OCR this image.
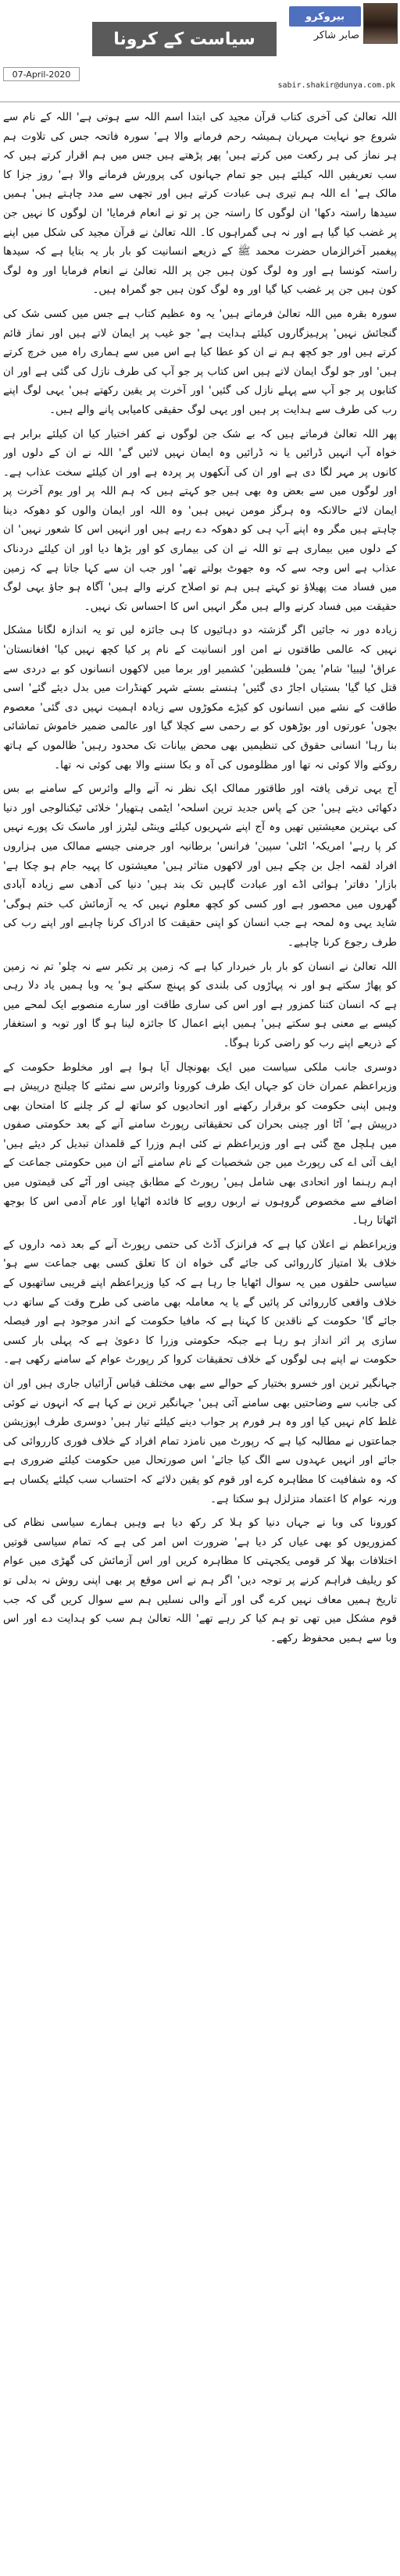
بیروکرو
صابر شاکر
سیاست کے کرونا
07-April-2020
sabir.shakir@dunya.com.pk

اللہ تعالیٰ کی آخری کتاب قرآن مجید کی ابتدا اسم اللہ سے ہوتی ہے' اللہ کے نام سے شروع جو نہایت مہربان ہمیشہ رحم فرمانے والا ہے' سورہ فاتحہ جس کی تلاوت ہم ہر نماز کی ہر رکعت میں کرتے ہیں' پھر پڑھتے ہیں جس میں ہم اقرار کرتے ہیں کہ سب تعریفیں اللہ کیلئے ہیں جو تمام جہانوں کی پرورش فرمانے والا ہے' روز جزا کا مالک ہے' اے اللہ ہم تیری ہی عبادت کرتے ہیں اور تجھی سے مدد چاہتے ہیں' ہمیں سیدھا راستہ دکھا' ان لوگوں کا راستہ جن پر تو نے انعام فرمایا' ان لوگوں کا نہیں جن پر غضب کیا گیا ہے اور نہ ہی گمراہوں کا۔ اللہ تعالیٰ نے قرآن مجید کی شکل میں اپنے پیغمبر آخرالزماں حضرت محمد ﷺ کے ذریعے انسانیت کو بار بار یہ بتایا ہے کہ سیدھا راستہ کونسا ہے اور وہ لوگ کون ہیں جن پر اللہ تعالیٰ نے انعام فرمایا اور وہ لوگ کون ہیں جن پر غضب کیا گیا اور وہ لوگ کون ہیں جو گمراہ ہیں۔

سورہ بقرہ میں اللہ تعالیٰ فرماتے ہیں' یہ وہ عظیم کتاب ہے جس میں کسی شک کی گنجائش نہیں' پرہیزگاروں کیلئے ہدایت ہے' جو غیب پر ایمان لاتے ہیں اور نماز قائم کرتے ہیں اور جو کچھ ہم نے ان کو عطا کیا ہے اس میں سے ہماری راہ میں خرچ کرتے ہیں' اور جو لوگ ایمان لاتے ہیں اس کتاب پر جو آپ کی طرف نازل کی گئی ہے اور ان کتابوں پر جو آپ سے پہلے نازل کی گئیں' اور آخرت پر یقین رکھتے ہیں' یہی لوگ اپنے رب کی طرف سے ہدایت پر ہیں اور یہی لوگ حقیقی کامیابی پانے والے ہیں۔

پھر اللہ تعالیٰ فرماتے ہیں کہ بے شک جن لوگوں نے کفر اختیار کیا ان کیلئے برابر ہے خواہ آپ انہیں ڈرائیں یا نہ ڈرائیں وہ ایمان نہیں لائیں گے' اللہ نے ان کے دلوں اور کانوں پر مہر لگا دی ہے اور ان کی آنکھوں پر پردہ ہے اور ان کیلئے سخت عذاب ہے۔ اور لوگوں میں سے بعض وہ بھی ہیں جو کہتے ہیں کہ ہم اللہ پر اور یوم آخرت پر ایمان لائے حالانکہ وہ ہرگز مومن نہیں ہیں' وہ اللہ اور ایمان والوں کو دھوکہ دینا چاہتے ہیں مگر وہ اپنے آپ ہی کو دھوکہ دے رہے ہیں اور انہیں اس کا شعور نہیں' ان کے دلوں میں بیماری ہے تو اللہ نے ان کی بیماری کو اور بڑھا دیا اور ان کیلئے دردناک عذاب ہے اس وجہ سے کہ وہ جھوٹ بولتے تھے' اور جب ان سے کہا جاتا ہے کہ زمین میں فساد مت پھیلاؤ تو کہتے ہیں ہم تو اصلاح کرنے والے ہیں' آگاہ ہو جاؤ یہی لوگ حقیقت میں فساد کرنے والے ہیں مگر انہیں اس کا احساس تک نہیں۔

زیادہ دور نہ جائیں اگر گزشتہ دو دہائیوں کا ہی جائزہ لیں تو یہ اندازہ لگانا مشکل نہیں کہ عالمی طاقتوں نے امن اور انسانیت کے نام پر کیا کچھ نہیں کیا' افغانستان' عراق' لیبیا' شام' یمن' فلسطین' کشمیر اور برما میں لاکھوں انسانوں کو بے دردی سے قتل کیا گیا' بستیاں اجاڑ دی گئیں' ہنستے بستے شہر کھنڈرات میں بدل دیئے گئے' اسی طاقت کے نشے میں انسانوں کو کیڑے مکوڑوں سے زیادہ اہمیت نہیں دی گئی' معصوم بچوں' عورتوں اور بوڑھوں کو بے رحمی سے کچلا گیا اور عالمی ضمیر خاموش تماشائی بنا رہا' انسانی حقوق کی تنظیمیں بھی محض بیانات تک محدود رہیں' ظالموں کے ہاتھ روکنے والا کوئی نہ تھا اور مظلوموں کی آہ و بکا سننے والا بھی کوئی نہ تھا۔

آج یہی ترقی یافتہ اور طاقتور ممالک ایک نظر نہ آنے والے وائرس کے سامنے بے بس دکھائی دیتے ہیں' جن کے پاس جدید ترین اسلحہ' ایٹمی ہتھیار' خلائی ٹیکنالوجی اور دنیا کی بہترین معیشتیں تھیں وہ آج اپنے شہریوں کیلئے وینٹی لیٹرز اور ماسک تک پورے نہیں کر پا رہے' امریکہ' اٹلی' سپین' فرانس' برطانیہ اور جرمنی جیسے ممالک میں ہزاروں افراد لقمہ اجل بن چکے ہیں اور لاکھوں متاثر ہیں' معیشتوں کا پہیہ جام ہو چکا ہے' بازار' دفاتر' ہوائی اڈے اور عبادت گاہیں تک بند ہیں' دنیا کی آدھی سے زیادہ آبادی گھروں میں محصور ہے اور کسی کو کچھ معلوم نہیں کہ یہ آزمائش کب ختم ہوگی' شاید یہی وہ لمحہ ہے جب انسان کو اپنی حقیقت کا ادراک کرنا چاہیے اور اپنے رب کی طرف رجوع کرنا چاہیے۔

اللہ تعالیٰ نے انسان کو بار بار خبردار کیا ہے کہ زمین پر تکبر سے نہ چلو' تم نہ زمین کو پھاڑ سکتے ہو اور نہ پہاڑوں کی بلندی کو پہنچ سکتے ہو' یہ وبا ہمیں یاد دلا رہی ہے کہ انسان کتنا کمزور ہے اور اس کی ساری طاقت اور سارے منصوبے ایک لمحے میں کیسے بے معنی ہو سکتے ہیں' ہمیں اپنے اعمال کا جائزہ لینا ہو گا اور توبہ و استغفار کے ذریعے اپنے رب کو راضی کرنا ہوگا۔

دوسری جانب ملکی سیاست میں ایک بھونچال آیا ہوا ہے اور مخلوط حکومت کے وزیراعظم عمران خان کو جہاں ایک طرف کورونا وائرس سے نمٹنے کا چیلنج درپیش ہے وہیں اپنی حکومت کو برقرار رکھنے اور اتحادیوں کو ساتھ لے کر چلنے کا امتحان بھی درپیش ہے' آٹا اور چینی بحران کی تحقیقاتی رپورٹ سامنے آنے کے بعد حکومتی صفوں میں ہلچل مچ گئی ہے اور وزیراعظم نے کئی اہم وزرا کے قلمدان تبدیل کر دیئے ہیں' ایف آئی اے کی رپورٹ میں جن شخصیات کے نام سامنے آئے ان میں حکومتی جماعت کے اہم رہنما اور اتحادی بھی شامل ہیں' رپورٹ کے مطابق چینی اور آٹے کی قیمتوں میں اضافے سے مخصوص گروہوں نے اربوں روپے کا فائدہ اٹھایا اور عام آدمی اس کا بوجھ اٹھاتا رہا۔

وزیراعظم نے اعلان کیا ہے کہ فرانزک آڈٹ کی حتمی رپورٹ آنے کے بعد ذمہ داروں کے خلاف بلا امتیاز کارروائی کی جائے گی خواہ ان کا تعلق کسی بھی جماعت سے ہو' سیاسی حلقوں میں یہ سوال اٹھایا جا رہا ہے کہ کیا وزیراعظم اپنے قریبی ساتھیوں کے خلاف واقعی کارروائی کر پائیں گے یا یہ معاملہ بھی ماضی کی طرح وقت کے ساتھ دب جائے گا' حکومت کے ناقدین کا کہنا ہے کہ مافیا حکومت کے اندر موجود ہے اور فیصلہ سازی پر اثر انداز ہو رہا ہے جبکہ حکومتی وزرا کا دعویٰ ہے کہ پہلی بار کسی حکومت نے اپنے ہی لوگوں کے خلاف تحقیقات کروا کر رپورٹ عوام کے سامنے رکھی ہے۔

جہانگیر ترین اور خسرو بختیار کے حوالے سے بھی مختلف قیاس آرائیاں جاری ہیں اور ان کی جانب سے وضاحتیں بھی سامنے آئی ہیں' جہانگیر ترین نے کہا ہے کہ انہوں نے کوئی غلط کام نہیں کیا اور وہ ہر فورم پر جواب دینے کیلئے تیار ہیں' دوسری طرف اپوزیشن جماعتوں نے مطالبہ کیا ہے کہ رپورٹ میں نامزد تمام افراد کے خلاف فوری کارروائی کی جائے اور انہیں عہدوں سے الگ کیا جائے' اس صورتحال میں حکومت کیلئے ضروری ہے کہ وہ شفافیت کا مظاہرہ کرے اور قوم کو یقین دلائے کہ احتساب سب کیلئے یکساں ہے ورنہ عوام کا اعتماد متزلزل ہو سکتا ہے۔

کورونا کی وبا نے جہاں دنیا کو ہلا کر رکھ دیا ہے وہیں ہمارے سیاسی نظام کی کمزوریوں کو بھی عیاں کر دیا ہے' ضرورت اس امر کی ہے کہ تمام سیاسی قوتیں اختلافات بھلا کر قومی یکجہتی کا مظاہرہ کریں اور اس آزمائش کی گھڑی میں عوام کو ریلیف فراہم کرنے پر توجہ دیں' اگر ہم نے اس موقع پر بھی اپنی روش نہ بدلی تو تاریخ ہمیں معاف نہیں کرے گی اور آنے والی نسلیں ہم سے سوال کریں گی کہ جب قوم مشکل میں تھی تو ہم کیا کر رہے تھے' اللہ تعالیٰ ہم سب کو ہدایت دے اور اس وبا سے ہمیں محفوظ رکھے۔
